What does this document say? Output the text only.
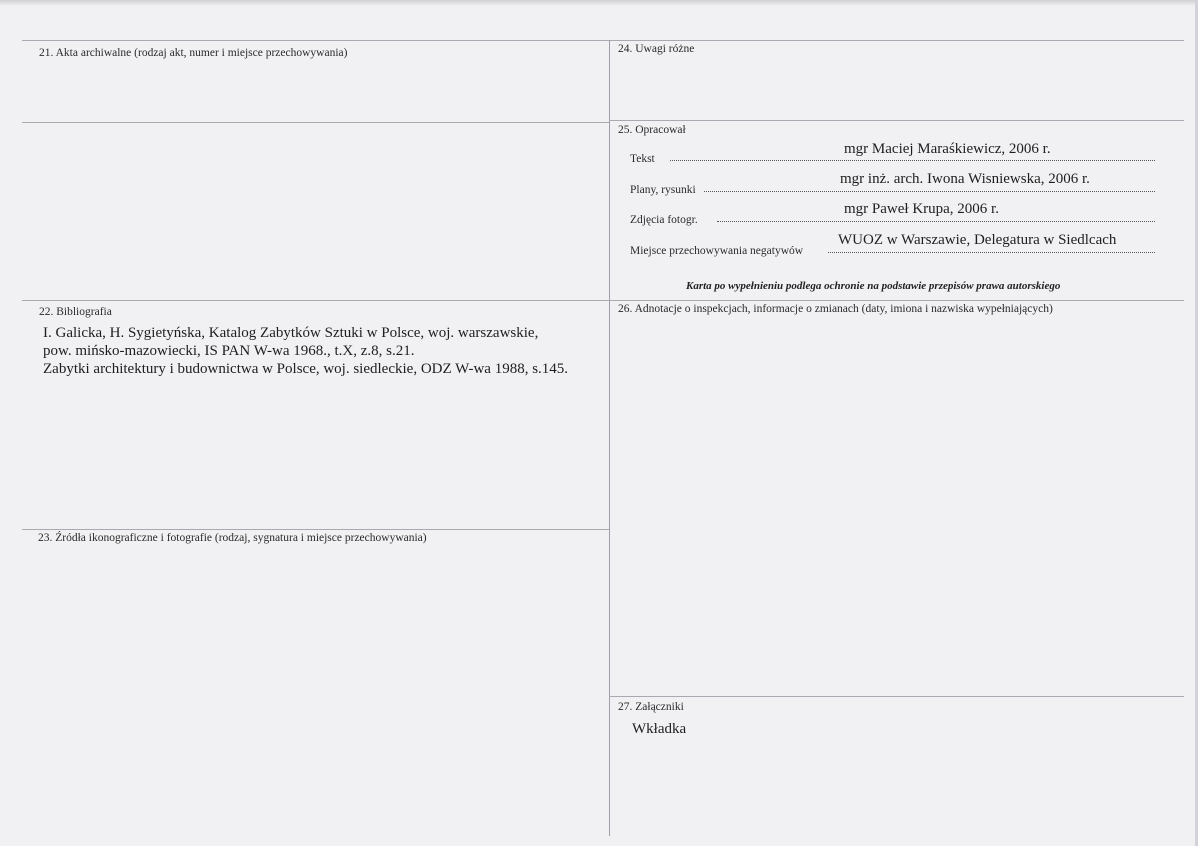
21. Akta archiwalne (rodzaj akt, numer i miejsce przechowywania)	24. Uwagi różne
25. Opracował
Tekst
mgr Maciej Maraśkiewicz, 2006 r.
Plany, rysunki
mgr inż. arch. Iwona Wisniewska, 2006 r.
Zdjęcia fotogr.
mgr Paweł Krupa, 2006 r.
Miejsce przechowywania negatywów
WUOZ w Warszawie, Delegatura w Siedlcach
Karta po wypełnieniu podlega ochronie na podstawie przepisów prawa autorskiego
22. Bibliografia
I. Galicka, H. Sygietyńska, Katalog Zabytków Sztuki w Polsce, woj. warszawskie,
pow. mińsko-mazowiecki, IS PAN W-wa 1968., t.X, z.8, s.21.
Zabytki architektury i budownictwa w Polsce, woj. siedleckie, ODZ W-wa 1988, s.145.
26. Adnotacje o inspekcjach, informacje o zmianach (daty, imiona i nazwiska wypełniających)
23. Źródła ikonograficzne i fotografie (rodzaj, sygnatura i miejsce przechowywania)
27. Załączniki
Wkładka
